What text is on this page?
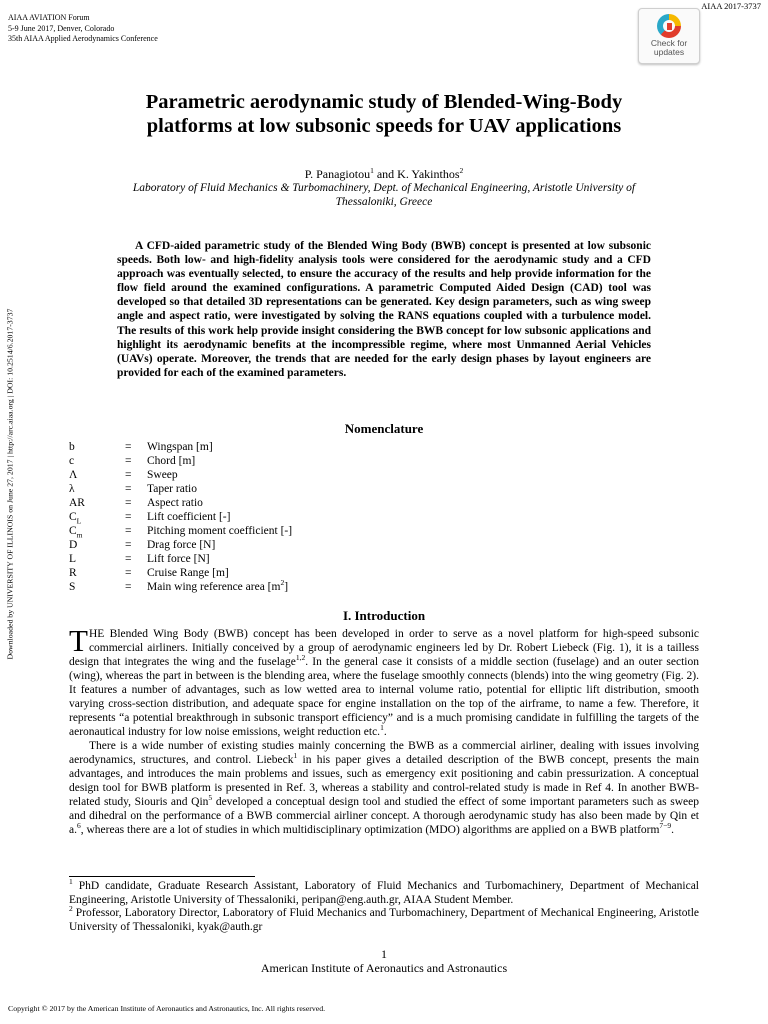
AIAA AVIATION Forum
5-9 June 2017, Denver, Colorado
35th AIAA Applied Aerodynamics Conference
AIAA 2017-3737
Check for
updates
Parametric aerodynamic study of Blended-Wing-Body
platforms at low subsonic speeds for UAV applications
P. Panagiotou$^1$ and K. Yakinthos$^2$
Laboratory of Fluid Mechanics & Turbomachinery, Dept. of Mechanical Engineering, Aristotle University of
Thessaloniki, Greece
A CFD-aided parametric study of the Blended Wing Body (BWB) concept is presented at low subsonic speeds. Both low- and high-fidelity analysis tools were considered for the aerodynamic study and a CFD approach was eventually selected, to ensure the accuracy of the results and help provide information for the flow field around the examined configurations. A parametric Computed Aided Design (CAD) tool was developed so that detailed 3D representations can be generated. Key design parameters, such as wing sweep angle and aspect ratio, were investigated by solving the RANS equations coupled with a turbulence model. The results of this work help provide insight considering the BWB concept for low subsonic applications and highlight its aerodynamic benefits at the incompressible regime, where most Unmanned Aerial Vehicles (UAVs) operate. Moreover, the trends that are needed for the early design phases by layout engineers are provided for each of the examined parameters.
Downloaded by UNIVERSITY OF ILLINOIS on June 27, 2017 | http://arc.aiaa.org | DOI: 10.2514/6.2017-3737	Nomenclature
b	=	Wingspan [m]
c	=	Chord [m]
Λ	=	Sweep
λ	=	Taper ratio
AR	=	Aspect ratio
$C_L$	=	Lift coefficient [-]
$C_m$	=	Pitching moment coefficient [-]
D	=	Drag force [N]
L	=	Lift force [N]
R	=	Cruise Range [m]
S	=	Main wing reference area $[m^2]$
I. Introduction

THE Blended Wing Body (BWB) concept has been developed in order to serve as a novel platform for high-speed subsonic commercial airliners. Initially conceived by a group of aerodynamic engineers led by Dr. Robert Liebeck (Fig. 1), it is a tailless design that integrates the wing and the fuselage$^{1,2}$. In the general case it consists of a middle section (fuselage) and an outer section (wing), whereas the part in between is the blending area, where the fuselage smoothly connects (blends) into the wing geometry (Fig. 2). It features a number of advantages, such as low wetted area to internal volume ratio, potential for elliptic lift distribution, smooth varying cross-section distribution, and adequate space for engine installation on the top of the airframe, to name a few. Therefore, it represents “a potential breakthrough in subsonic transport efficiency” and is a much promising candidate in fulfilling the targets of the aeronautical industry for low noise emissions, weight reduction etc.$^1$.

There is a wide number of existing studies mainly concerning the BWB as a commercial airliner, dealing with issues involving aerodynamics, structures, and control. Liebeck$^1$ in his paper gives a detailed description of the BWB concept, presents the main advantages, and introduces the main problems and issues, such as emergency exit positioning and cabin pressurization. A conceptual design tool for BWB platform is presented in Ref. 3, whereas a stability and control-related study is made in Ref 4. In another BWB-related study, Siouris and Qin$^5$ developed a conceptual design tool and studied the effect of some important parameters such as sweep and dihedral on the performance of a BWB commercial airliner concept. A thorough aerodynamic study has also been made by Qin et a.$^6$, whereas there are a lot of studies in which multidisciplinary optimization (MDO) algorithms are applied on a BWB platform$^{7-9}$.

$^1$ PhD candidate, Graduate Research Assistant, Laboratory of Fluid Mechanics and Turbomachinery, Department of Mechanical Engineering, Aristotle University of Thessaloniki, peripan@eng.auth.gr, AIAA Student Member.

$^2$ Professor, Laboratory Director, Laboratory of Fluid Mechanics and Turbomachinery, Department of Mechanical Engineering, Aristotle University of Thessaloniki, kyak@auth.gr

1
American Institute of Aeronautics and Astronautics
Copyright © 2017 by the American Institute of Aeronautics and Astronautics, Inc. All rights reserved.
